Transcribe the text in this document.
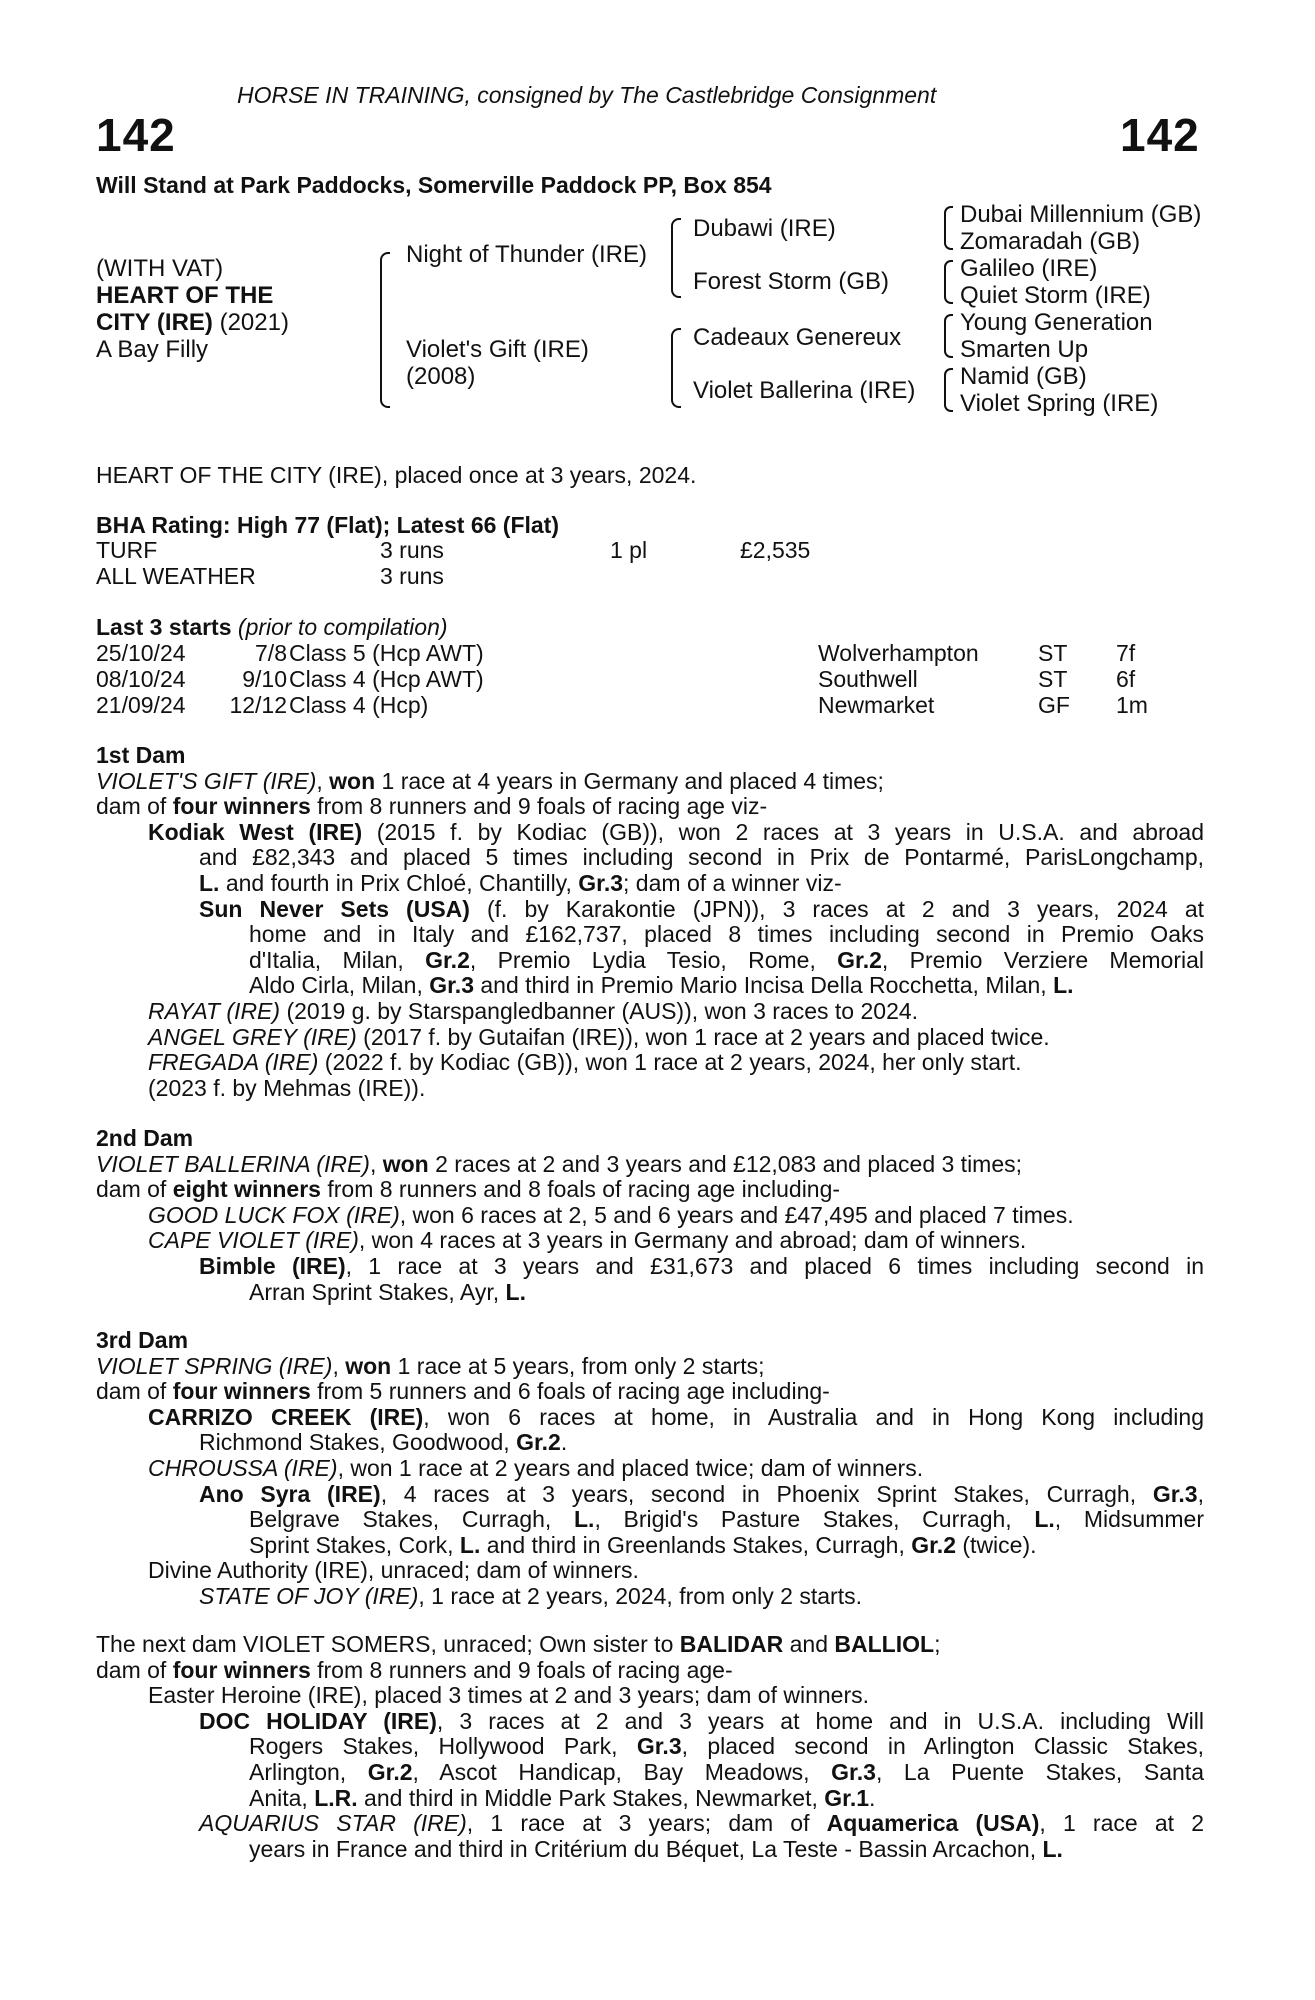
HORSE IN TRAINING, consigned by The Castlebridge Consignment
142	142
Will Stand at Park Paddocks, Somerville Paddock PP, Box 854
(WITH VAT)
HEART OF THE
CITY (IRE) (2021)
A Bay Filly
Night of Thunder (IRE)
Violet's Gift (IRE)
(2008)
Dubawi (IRE)
Forest Storm (GB)
Cadeaux Genereux
Violet Ballerina (IRE)
Dubai Millennium (GB)
Zomaradah (GB)
Galileo (IRE)
Quiet Storm (IRE)
Young Generation
Smarten Up
Namid (GB)
Violet Spring (IRE)
HEART OF THE CITY (IRE), placed once at 3 years, 2024.
BHA Rating: High 77 (Flat); Latest 66 (Flat)
TURF	3 runs	1 pl	£2,535
ALL WEATHER	3 runs
Last 3 starts (prior to compilation)
25/10/24	7/8 Class 5 (Hcp AWT)	Wolverhampton	ST 7f
08/10/24	9/10 Class 4 (Hcp AWT)	Southwell	ST 6f
21/09/24	12/12 Class 4 (Hcp)	Newmarket	GF 1m
1st Dam
VIOLET'S GIFT (IRE), won 1 race at 4 years in Germany and placed 4 times;
dam of four winners from 8 runners and 9 foals of racing age viz-
Kodiak West (IRE) (2015 f. by Kodiac (GB)), won 2 races at 3 years in U.S.A. and abroad
and £82,343 and placed 5 times including second in Prix de Pontarmé, ParisLongchamp,
L. and fourth in Prix Chloé, Chantilly, Gr.3; dam of a winner viz-
Sun Never Sets (USA) (f. by Karakontie (JPN)), 3 races at 2 and 3 years, 2024 at
home and in Italy and £162,737, placed 8 times including second in Premio Oaks
d'Italia, Milan, Gr.2, Premio Lydia Tesio, Rome, Gr.2, Premio Verziere Memorial
Aldo Cirla, Milan, Gr.3 and third in Premio Mario Incisa Della Rocchetta, Milan, L.
RAYAT (IRE) (2019 g. by Starspangledbanner (AUS)), won 3 races to 2024.
ANGEL GREY (IRE) (2017 f. by Gutaifan (IRE)), won 1 race at 2 years and placed twice.
FREGADA (IRE) (2022 f. by Kodiac (GB)), won 1 race at 2 years, 2024, her only start.
(2023 f. by Mehmas (IRE)).
2nd Dam
VIOLET BALLERINA (IRE), won 2 races at 2 and 3 years and £12,083 and placed 3 times;
dam of eight winners from 8 runners and 8 foals of racing age including-
GOOD LUCK FOX (IRE), won 6 races at 2, 5 and 6 years and £47,495 and placed 7 times.
CAPE VIOLET (IRE), won 4 races at 3 years in Germany and abroad; dam of winners.
Bimble (IRE), 1 race at 3 years and £31,673 and placed 6 times including second in
Arran Sprint Stakes, Ayr, L.
3rd Dam
VIOLET SPRING (IRE), won 1 race at 5 years, from only 2 starts;
dam of four winners from 5 runners and 6 foals of racing age including-
CARRIZO CREEK (IRE), won 6 races at home, in Australia and in Hong Kong including
Richmond Stakes, Goodwood, Gr.2.
CHROUSSA (IRE), won 1 race at 2 years and placed twice; dam of winners.
Ano Syra (IRE), 4 races at 3 years, second in Phoenix Sprint Stakes, Curragh, Gr.3,
Belgrave Stakes, Curragh, L., Brigid's Pasture Stakes, Curragh, L., Midsummer
Sprint Stakes, Cork, L. and third in Greenlands Stakes, Curragh, Gr.2 (twice).
Divine Authority (IRE), unraced; dam of winners.
STATE OF JOY (IRE), 1 race at 2 years, 2024, from only 2 starts.
The next dam VIOLET SOMERS, unraced; Own sister to BALIDAR and BALLIOL;
dam of four winners from 8 runners and 9 foals of racing age-
Easter Heroine (IRE), placed 3 times at 2 and 3 years; dam of winners.
DOC HOLIDAY (IRE), 3 races at 2 and 3 years at home and in U.S.A. including Will
Rogers Stakes, Hollywood Park, Gr.3, placed second in Arlington Classic Stakes,
Arlington, Gr.2, Ascot Handicap, Bay Meadows, Gr.3, La Puente Stakes, Santa
Anita, L.R. and third in Middle Park Stakes, Newmarket, Gr.1.
AQUARIUS STAR (IRE), 1 race at 3 years; dam of Aquamerica (USA), 1 race at 2
years in France and third in Critérium du Béquet, La Teste - Bassin Arcachon, L.
